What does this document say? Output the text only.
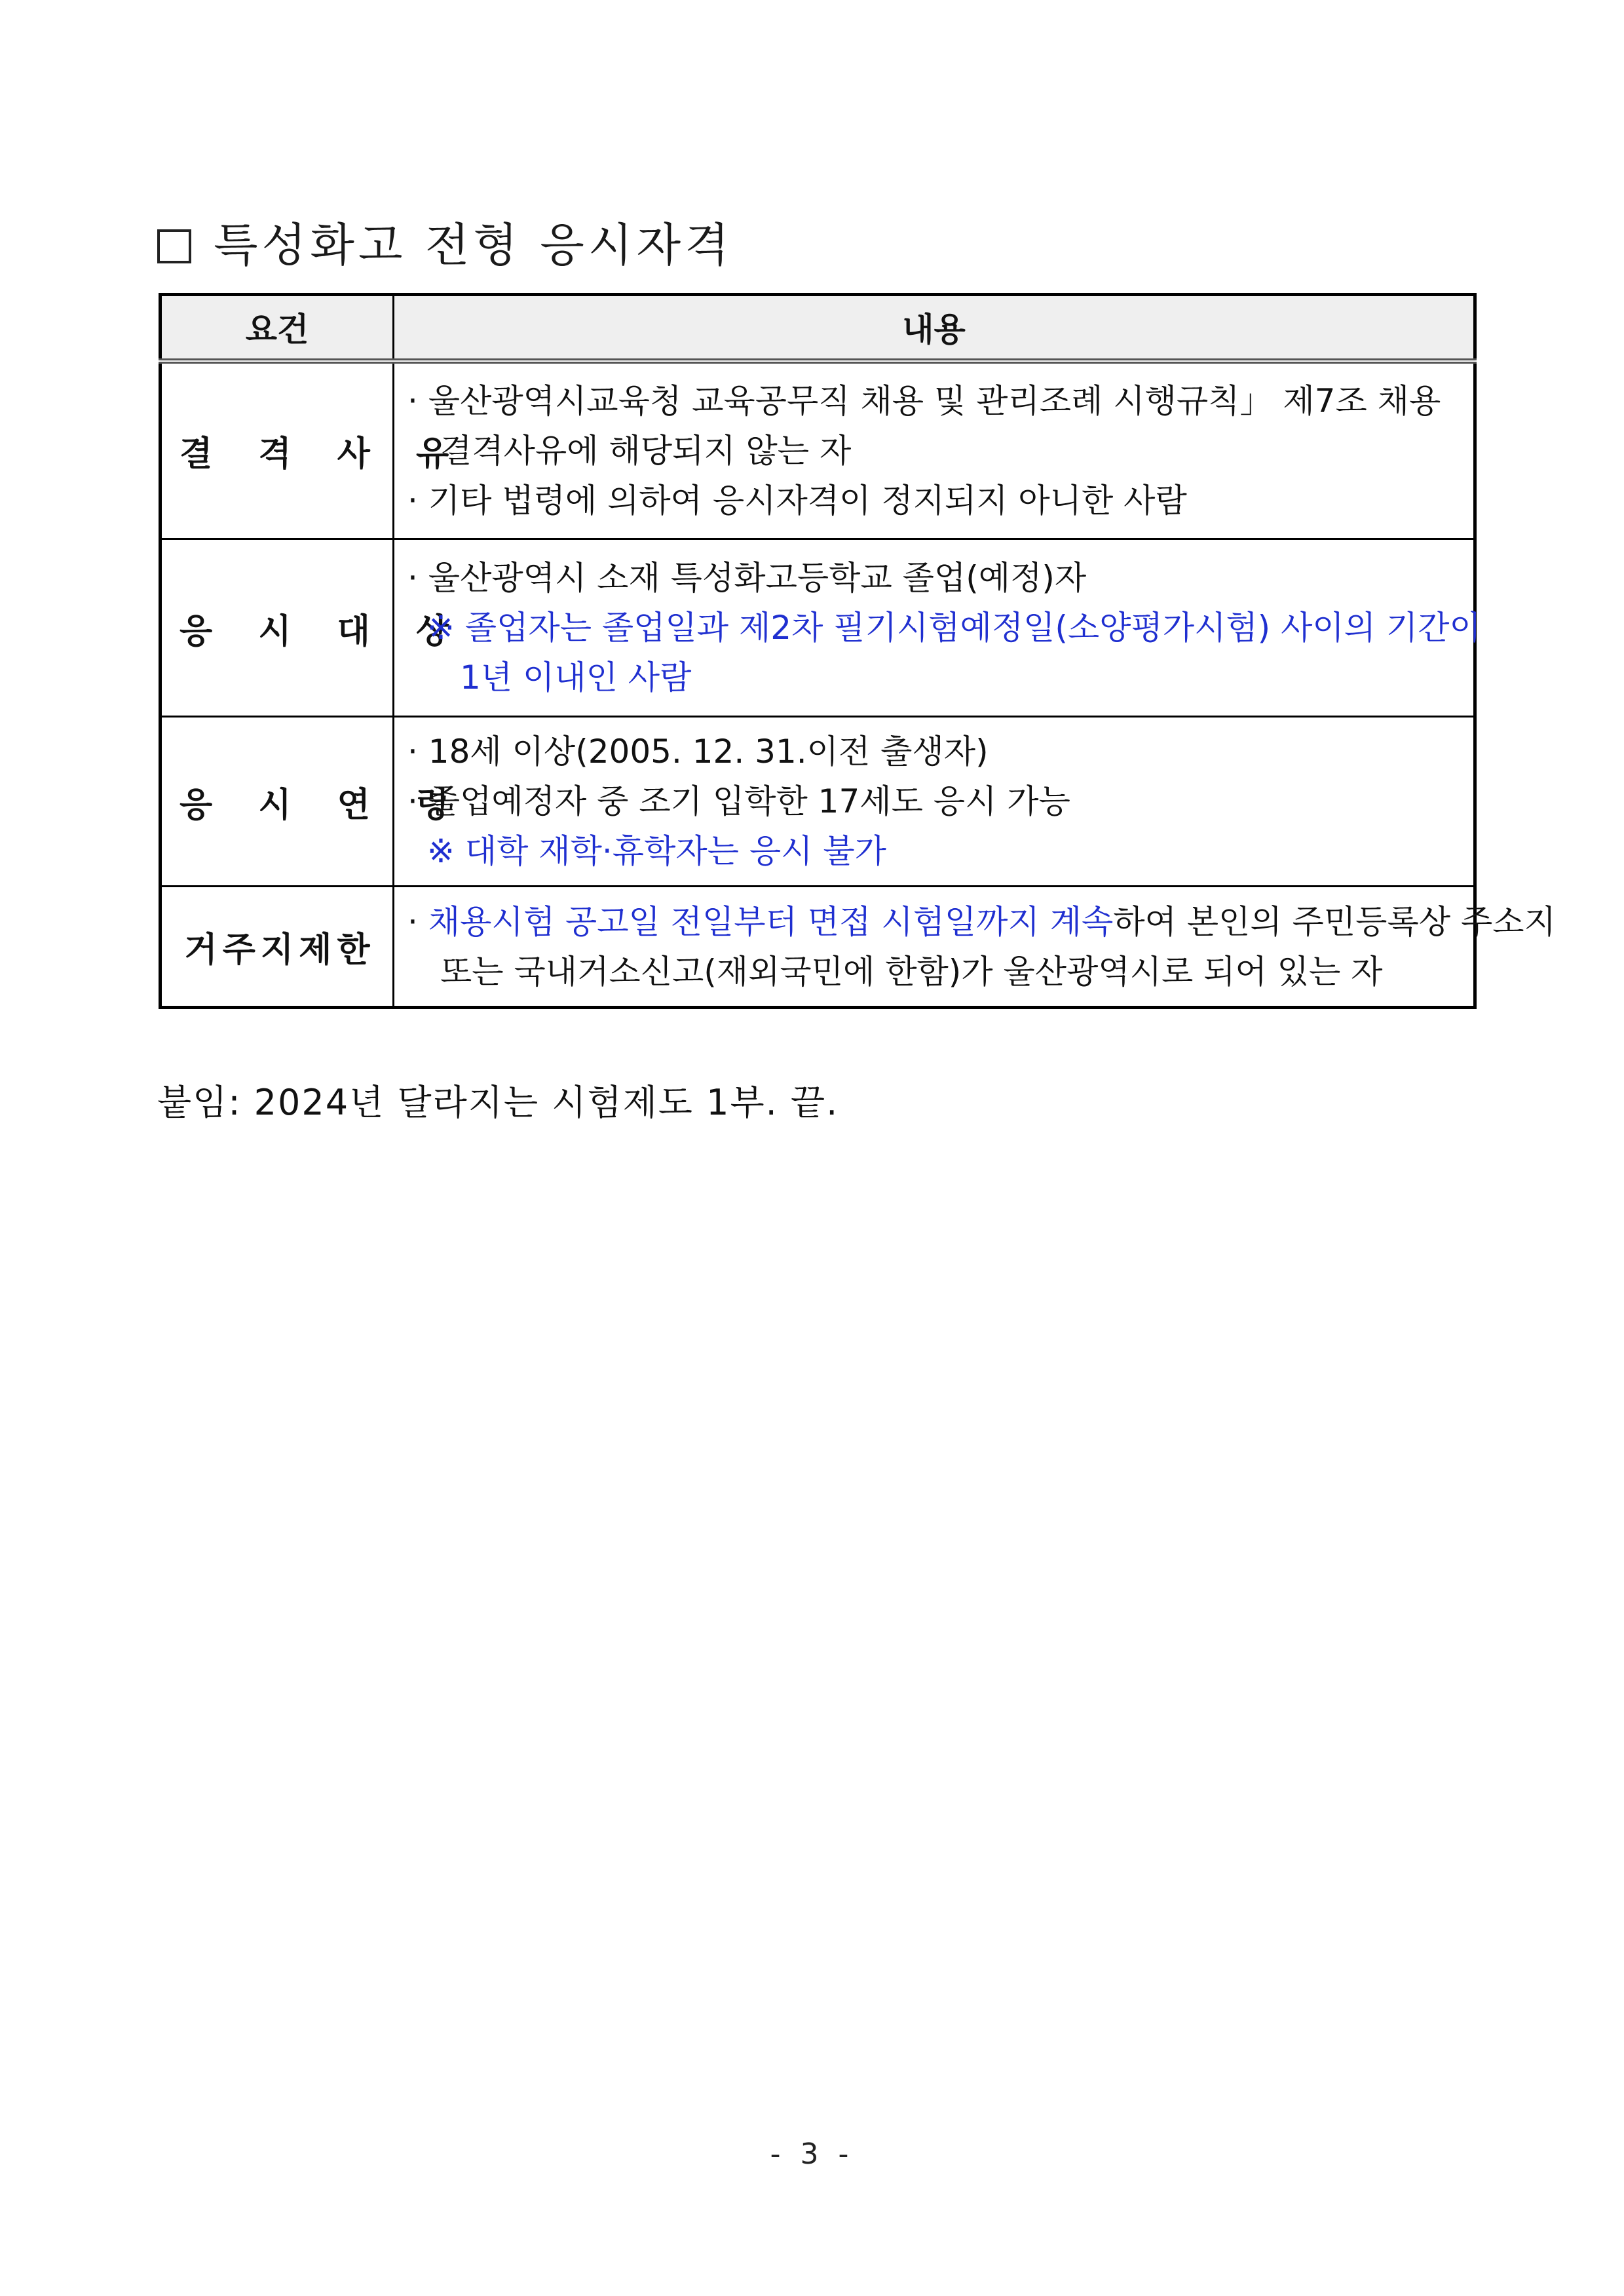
특성화고 전형 응시자격
요건	내용
결 격 사 유	· 울산광역시교육청 교육공무직 채용 및 관리조례 시행규칙」 제7조 채용
결격사유에 해당되지 않는 자
· 기타 법령에 의하여 응시자격이 정지되지 아니한 사람

응 시 대 상	· 울산광역시 소재 특성화고등학교 졸업(예정)자
※ 졸업자는 졸업일과 제2차 필기시험예정일(소양평가시험) 사이의 기간이
1년 이내인 사람

응 시 연 령	· 18세 이상(2005. 12. 31.이전 출생자)
· 졸업예정자 중 조기 입학한 17세도 응시 가능
※ 대학 재학·휴학자는 응시 불가

거주지제한	· 채용시험 공고일 전일부터 면접 시험일까지 계속하여 본인의 주민등록상 주소지
또는 국내거소신고(재외국민에 한함)가 울산광역시로 되어 있는 자
붙임: 2024년 달라지는 시험제도 1부. 끝.
- 3 -
